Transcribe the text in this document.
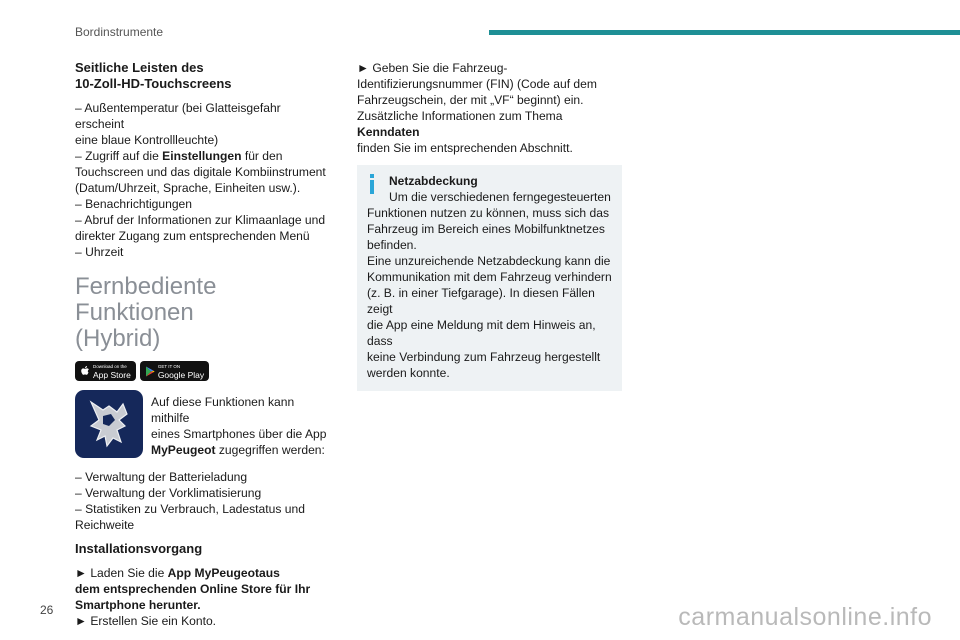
Bordinstrumente
Seitliche Leisten des
10-Zoll-HD-Touchscreens

– Außentemperatur (bei Glatteisgefahr erscheint
eine blaue Kontrollleuchte)

– Zugriff auf die Einstellungen für den
Touchscreen und das digitale Kombiinstrument
(Datum/Uhrzeit, Sprache, Einheiten usw.).

– Benachrichtigungen

– Abruf der Informationen zur Klimaanlage und
direkter Zugang zum entsprechenden Menü

– Uhrzeit

Fernbediente Funktionen
(Hybrid)
Download on the
App Store
GET IT ON
Google Play

Auf diese Funktionen kann mithilfe
eines Smartphones über die App
MyPeugeot zugegriffen werden:

– Verwaltung der Batterieladung
– Verwaltung der Vorklimatisierung
– Statistiken zu Verbrauch, Ladestatus und
Reichweite

Installationsvorgang

► Laden Sie die App MyPeugeotaus
dem entsprechenden Online Store für Ihr
Smartphone herunter.

► Erstellen Sie ein Konto.

► Geben Sie die Fahrzeug-
Identifizierungsnummer (FIN) (Code auf dem
Fahrzeugschein, der mit „VF“ beginnt) ein.
Zusätzliche Informationen zum Thema Kenndaten
finden Sie im entsprechenden Abschnitt.

Netzabdeckung

Um die verschiedenen ferngegesteuerten
Funktionen nutzen zu können, muss sich das
Fahrzeug im Bereich eines Mobilfunktnetzes
befinden.
Eine unzureichende Netzabdeckung kann die
Kommunikation mit dem Fahrzeug verhindern
(z. B. in einer Tiefgarage). In diesen Fällen zeigt
die App eine Meldung mit dem Hinweis an, dass
keine Verbindung zum Fahrzeug hergestellt
werden konnte.

26	carmanualsonline.info
